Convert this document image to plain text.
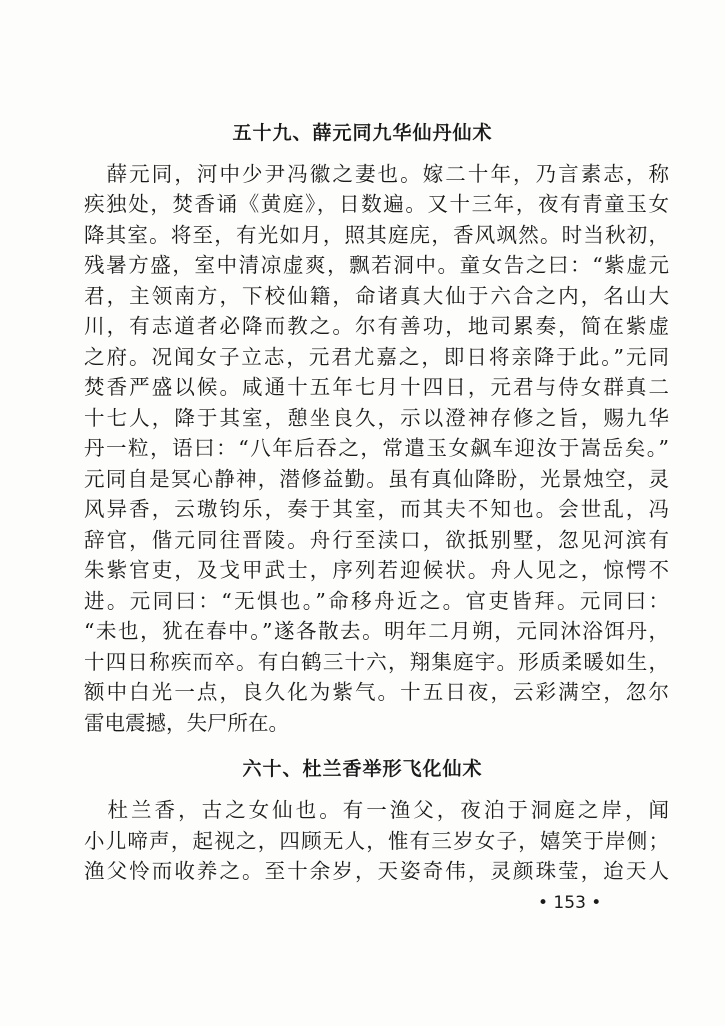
五十九、薛元同九华仙丹仙术
　薛元同，河中少尹冯徽之妻也。嫁二十年，乃言素志，称
疾独处，焚香诵《黄庭》，日数遍。又十三年，夜有青童玉女
降其室。将至，有光如月，照其庭庑，香风飒然。时当秋初，
残暑方盛，室中清凉虚爽，飘若洞中。童女告之曰：“紫虚元
君，主领南方，下校仙籍，命诸真大仙于六合之内，名山大
川，有志道者必降而教之。尔有善功，地司累奏，简在紫虚
之府。况闻女子立志，元君尤嘉之，即日将亲降于此。”元同
焚香严盛以候。咸通十五年七月十四日，元君与侍女群真二
十七人，降于其室，憩坐良久，示以澄神存修之旨，赐九华
丹一粒，语曰：“八年后吞之，常遣玉女飙车迎汝于嵩岳矣。”
元同自是冥心静神，潜修益勤。虽有真仙降盼，光景烛空，灵
风异香，云璈钧乐，奏于其室，而其夫不知也。会世乱，冯
辞官，偕元同往晋陵。舟行至渎口，欲抵别墅，忽见河滨有
朱紫官吏，及戈甲武士，序列若迎候状。舟人见之，惊愕不
进。元同曰：“无惧也。”命移舟近之。官吏皆拜。元同曰：
“未也，犹在春中。”遂各散去。明年二月朔，元同沐浴饵丹，
十四日称疾而卒。有白鹤三十六，翔集庭宇。形质柔暖如生，
额中白光一点，良久化为紫气。十五日夜，云彩满空，忽尔
雷电震撼，失尸所在。
六十、杜兰香举形飞化仙术
　杜兰香，古之女仙也。有一渔父，夜泊于洞庭之岸，闻
小儿啼声，起视之，四顾无人，惟有三岁女子，嬉笑于岸侧；
渔父怜而收养之。至十余岁，天姿奇伟，灵颜珠莹，迨天人
• 153 •
